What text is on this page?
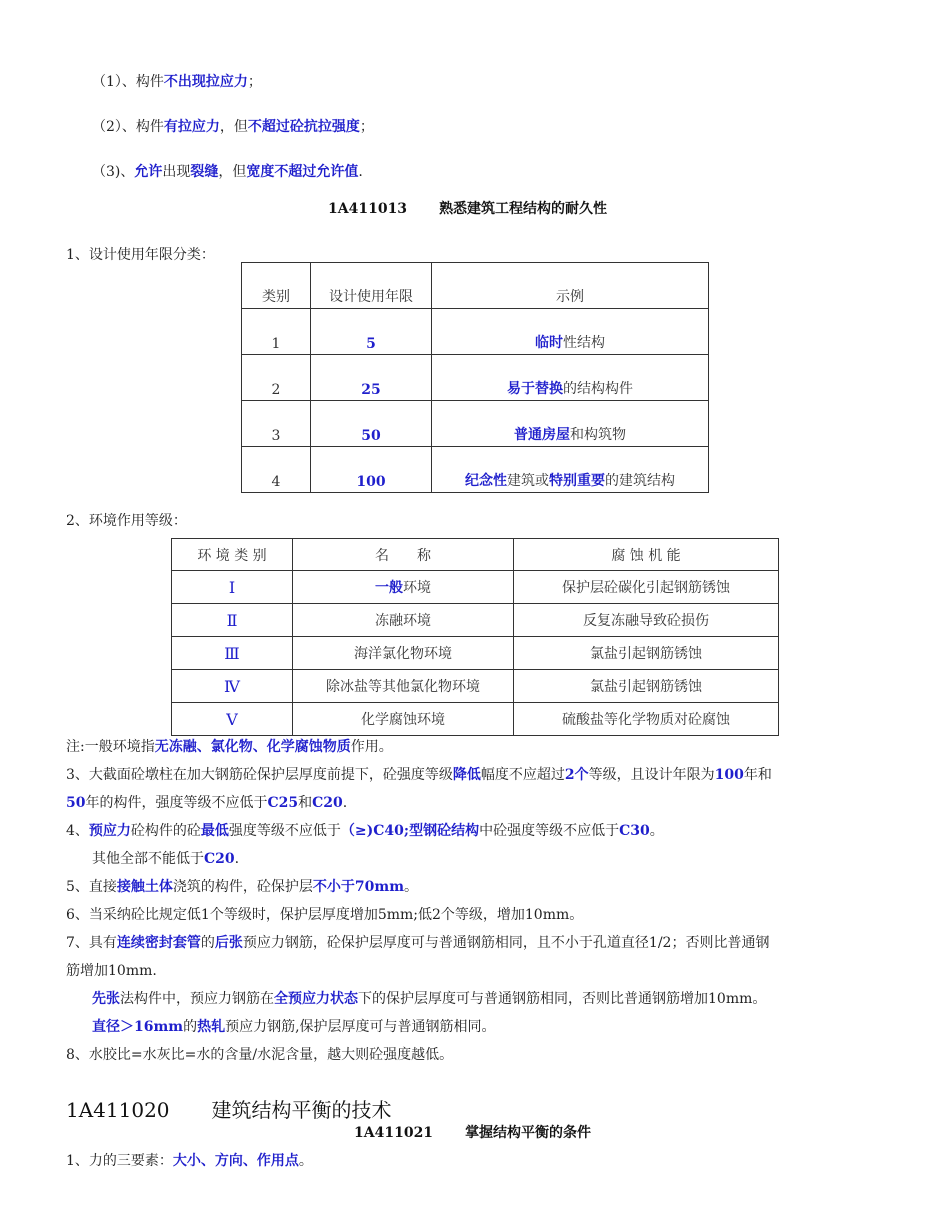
（1）、构件不出现拉应力；
（2）、构件有拉应力，但不超过砼抗拉强度；
（3)、允许出现裂缝，但宽度不超过允许值.
1A411013 熟悉建筑工程结构的耐久性
1、设计使用年限分类：
类别	设计使用年限	示例
1	5	临时性结构
2	25	易于替换的结构构件
3	50	普通房屋和构筑物
4	100	纪念性建筑或特别重要的建筑结构
2、环境作用等级：
环 境 类 别	名　　称	腐 蚀 机 能
Ⅰ	一般环境	保护层砼碳化引起钢筋锈蚀
Ⅱ	冻融环境	反复冻融导致砼损伤
Ⅲ	海洋氯化物环境	氯盐引起钢筋锈蚀
Ⅳ	除冰盐等其他氯化物环境	氯盐引起钢筋锈蚀
Ⅴ	化学腐蚀环境	硫酸盐等化学物质对砼腐蚀
注:一般环境指无冻融、氯化物、化学腐蚀物质作用。
3、大截面砼墩柱在加大钢筋砼保护层厚度前提下，砼强度等级降低幅度不应超过2个等级，且设计年限为100年和
50年的构件，强度等级不应低于C25和C20.
4、预应力砼构件的砼最低强度等级不应低于（≥)C40;型钢砼结构中砼强度等级不应低于C30。
其他全部不能低于C20.
5、直接接触土体浇筑的构件，砼保护层不小于70mm。
6、当采纳砼比规定低1个等级时，保护层厚度增加5mm;低2个等级，增加10mm。
7、具有连续密封套管的后张预应力钢筋，砼保护层厚度可与普通钢筋相同，且不小于孔道直径1/2；否则比普通钢
筋增加10mm.
先张法构件中，预应力钢筋在全预应力状态下的保护层厚度可与普通钢筋相同，否则比普通钢筋增加10mm。
直径＞16mm的热轧预应力钢筋,保护层厚度可与普通钢筋相同。
8、水胶比=水灰比=水的含量/水泥含量，越大则砼强度越低。
1A411020 建筑结构平衡的技术
1A411021 掌握结构平衡的条件
1、力的三要素：大小、方向、作用点。
